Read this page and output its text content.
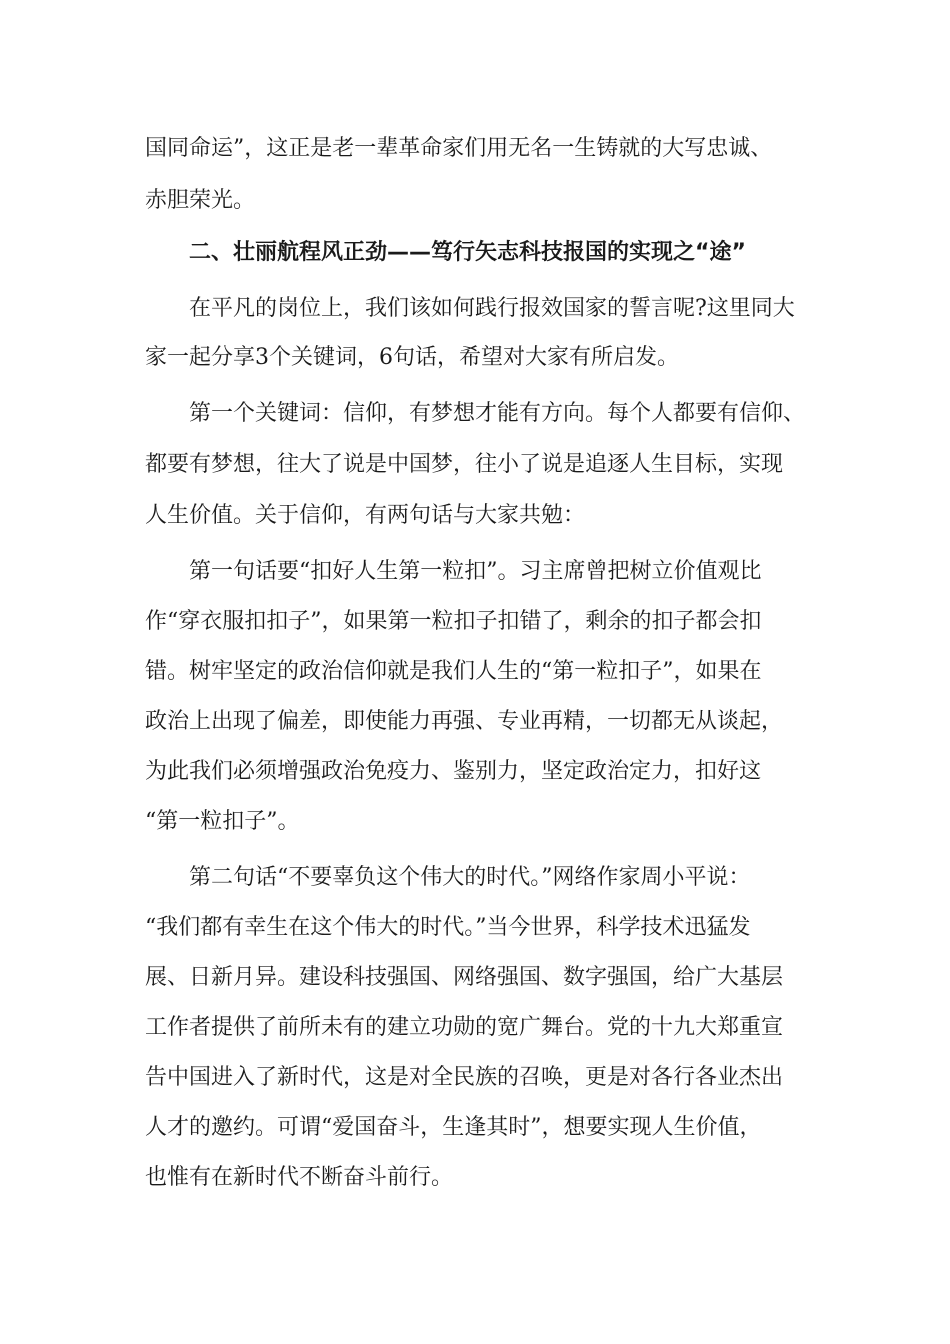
国同命运”，这正是老一辈革命家们用无名一生铸就的大写忠诚、
赤胆荣光。
二、壮丽航程风正劲——笃行矢志科技报国的实现之“途”
在平凡的岗位上，我们该如何践行报效国家的誓言呢?这里同大
家一起分享3个关键词，6句话，希望对大家有所启发。
第一个关键词：信仰，有梦想才能有方向。每个人都要有信仰、
都要有梦想，往大了说是中国梦，往小了说是追逐人生目标，实现
人生价值。关于信仰，有两句话与大家共勉：
第一句话要“扣好人生第一粒扣”。习主席曾把树立价值观比
作“穿衣服扣扣子”，如果第一粒扣子扣错了，剩余的扣子都会扣
错。树牢坚定的政治信仰就是我们人生的“第一粒扣子”，如果在
政治上出现了偏差，即使能力再强、专业再精，一切都无从谈起，
为此我们必须增强政治免疫力、鉴别力，坚定政治定力，扣好这
“第一粒扣子”。
第二句话“不要辜负这个伟大的时代。”网络作家周小平说：
“我们都有幸生在这个伟大的时代。”当今世界，科学技术迅猛发
展、日新月异。建设科技强国、网络强国、数字强国，给广大基层
工作者提供了前所未有的建立功勋的宽广舞台。党的十九大郑重宣
告中国进入了新时代，这是对全民族的召唤，更是对各行各业杰出
人才的邀约。可谓“爱国奋斗，生逢其时”，想要实现人生价值，
也惟有在新时代不断奋斗前行。
